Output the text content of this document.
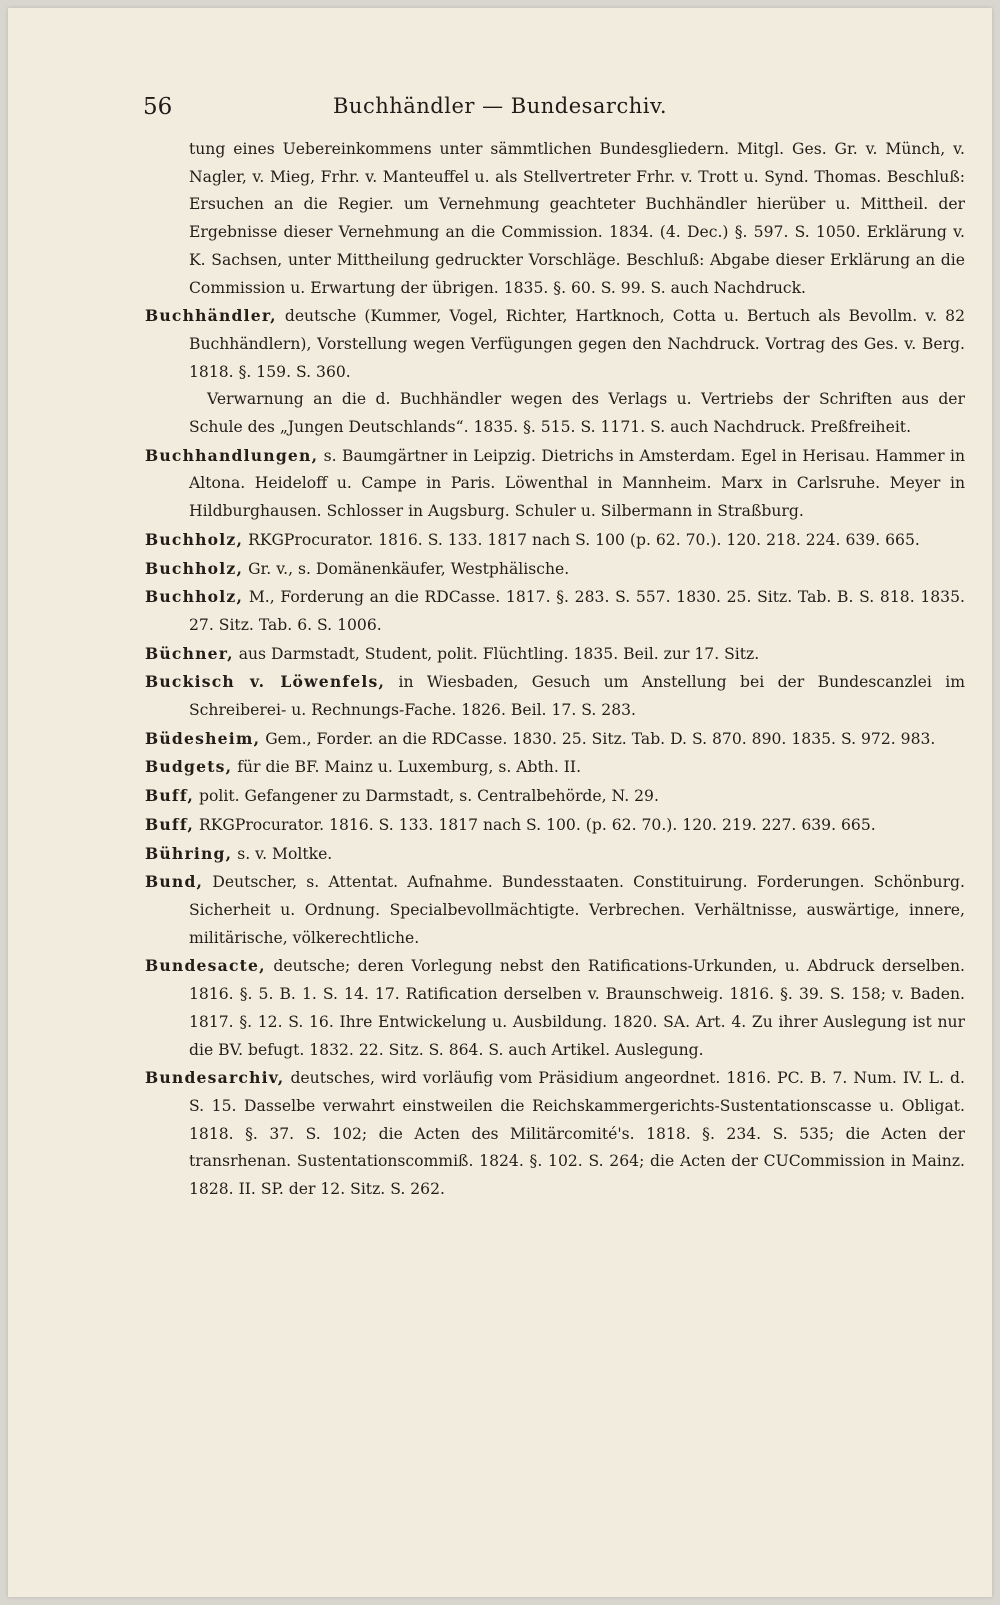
56	Buchhändler — Bundesarchiv.

tung eines Uebereinkommens unter sämmtlichen Bundesgliedern. Mitgl. Ges. Gr. v. Münch, v. Nagler, v. Mieg, Frhr. v. Manteuffel u. als Stellvertreter Frhr. v. Trott u. Synd. Thomas. Beschluß: Ersuchen an die Regier. um Vernehmung geachteter Buchhändler hierüber u. Mittheil. der Ergebnisse dieser Vernehmung an die Commission. 1834. (4. Dec.) §. 597. S. 1050. Erklärung v. K. Sachsen, unter Mittheilung gedruckter Vorschläge. Beschluß: Abgabe dieser Erklärung an die Commission u. Erwartung der übrigen. 1835. §. 60. S. 99. S. auch Nachdruck.

Buchhändler, deutsche (Kummer, Vogel, Richter, Hartknoch, Cotta u. Bertuch als Bevollm. v. 82 Buchhändlern), Vorstellung wegen Verfügungen gegen den Nachdruck. Vortrag des Ges. v. Berg. 1818. §. 159. S. 360.

Verwarnung an die d. Buchhändler wegen des Verlags u. Vertriebs der Schriften aus der Schule des „Jungen Deutschlands“. 1835. §. 515. S. 1171. S. auch Nachdruck. Preßfreiheit.

Buchhandlungen, s. Baumgärtner in Leipzig. Dietrichs in Amsterdam. Egel in Herisau. Hammer in Altona. Heideloff u. Campe in Paris. Löwenthal in Mannheim. Marx in Carlsruhe. Meyer in Hildburghausen. Schlosser in Augsburg. Schuler u. Silbermann in Straßburg.

Buchholz, RKGProcurator. 1816. S. 133. 1817 nach S. 100 (p. 62. 70.). 120. 218. 224. 639. 665.

Buchholz, Gr. v., s. Domänenkäufer, Westphälische.

Buchholz, M., Forderung an die RDCasse. 1817. §. 283. S. 557. 1830. 25. Sitz. Tab. B. S. 818. 1835. 27. Sitz. Tab. 6. S. 1006.

Büchner, aus Darmstadt, Student, polit. Flüchtling. 1835. Beil. zur 17. Sitz.

Buckisch v. Löwenfels, in Wiesbaden, Gesuch um Anstellung bei der Bundescanzlei im Schreiberei- u. Rechnungs-Fache. 1826. Beil. 17. S. 283.

Büdesheim, Gem., Forder. an die RDCasse. 1830. 25. Sitz. Tab. D. S. 870. 890. 1835. S. 972. 983.

Budgets, für die BF. Mainz u. Luxemburg, s. Abth. II.

Buff, polit. Gefangener zu Darmstadt, s. Centralbehörde, N. 29.

Buff, RKGProcurator. 1816. S. 133. 1817 nach S. 100. (p. 62. 70.). 120. 219. 227. 639. 665.

Bühring, s. v. Moltke.

Bund, Deutscher, s. Attentat. Aufnahme. Bundesstaaten. Constituirung. Forderungen. Schönburg. Sicherheit u. Ordnung. Specialbevollmächtigte. Verbrechen. Verhältnisse, auswärtige, innere, militärische, völkerechtliche.

Bundesacte, deutsche; deren Vorlegung nebst den Ratifications-Urkunden, u. Abdruck derselben. 1816. §. 5. B. 1. S. 14. 17. Ratification derselben v. Braunschweig. 1816. §. 39. S. 158; v. Baden. 1817. §. 12. S. 16. Ihre Entwickelung u. Ausbildung. 1820. SA. Art. 4. Zu ihrer Auslegung ist nur die BV. befugt. 1832. 22. Sitz. S. 864. S. auch Artikel. Auslegung.

Bundesarchiv, deutsches, wird vorläufig vom Präsidium angeordnet. 1816. PC. B. 7. Num. IV. L. d. S. 15. Dasselbe verwahrt einstweilen die Reichskammergerichts-Sustentationscasse u. Obligat. 1818. §. 37. S. 102; die Acten des Militärcomité's. 1818. §. 234. S. 535; die Acten der transrhenan. Sustentationscommiß. 1824. §. 102. S. 264; die Acten der CUCommission in Mainz. 1828. II. SP. der 12. Sitz. S. 262.
